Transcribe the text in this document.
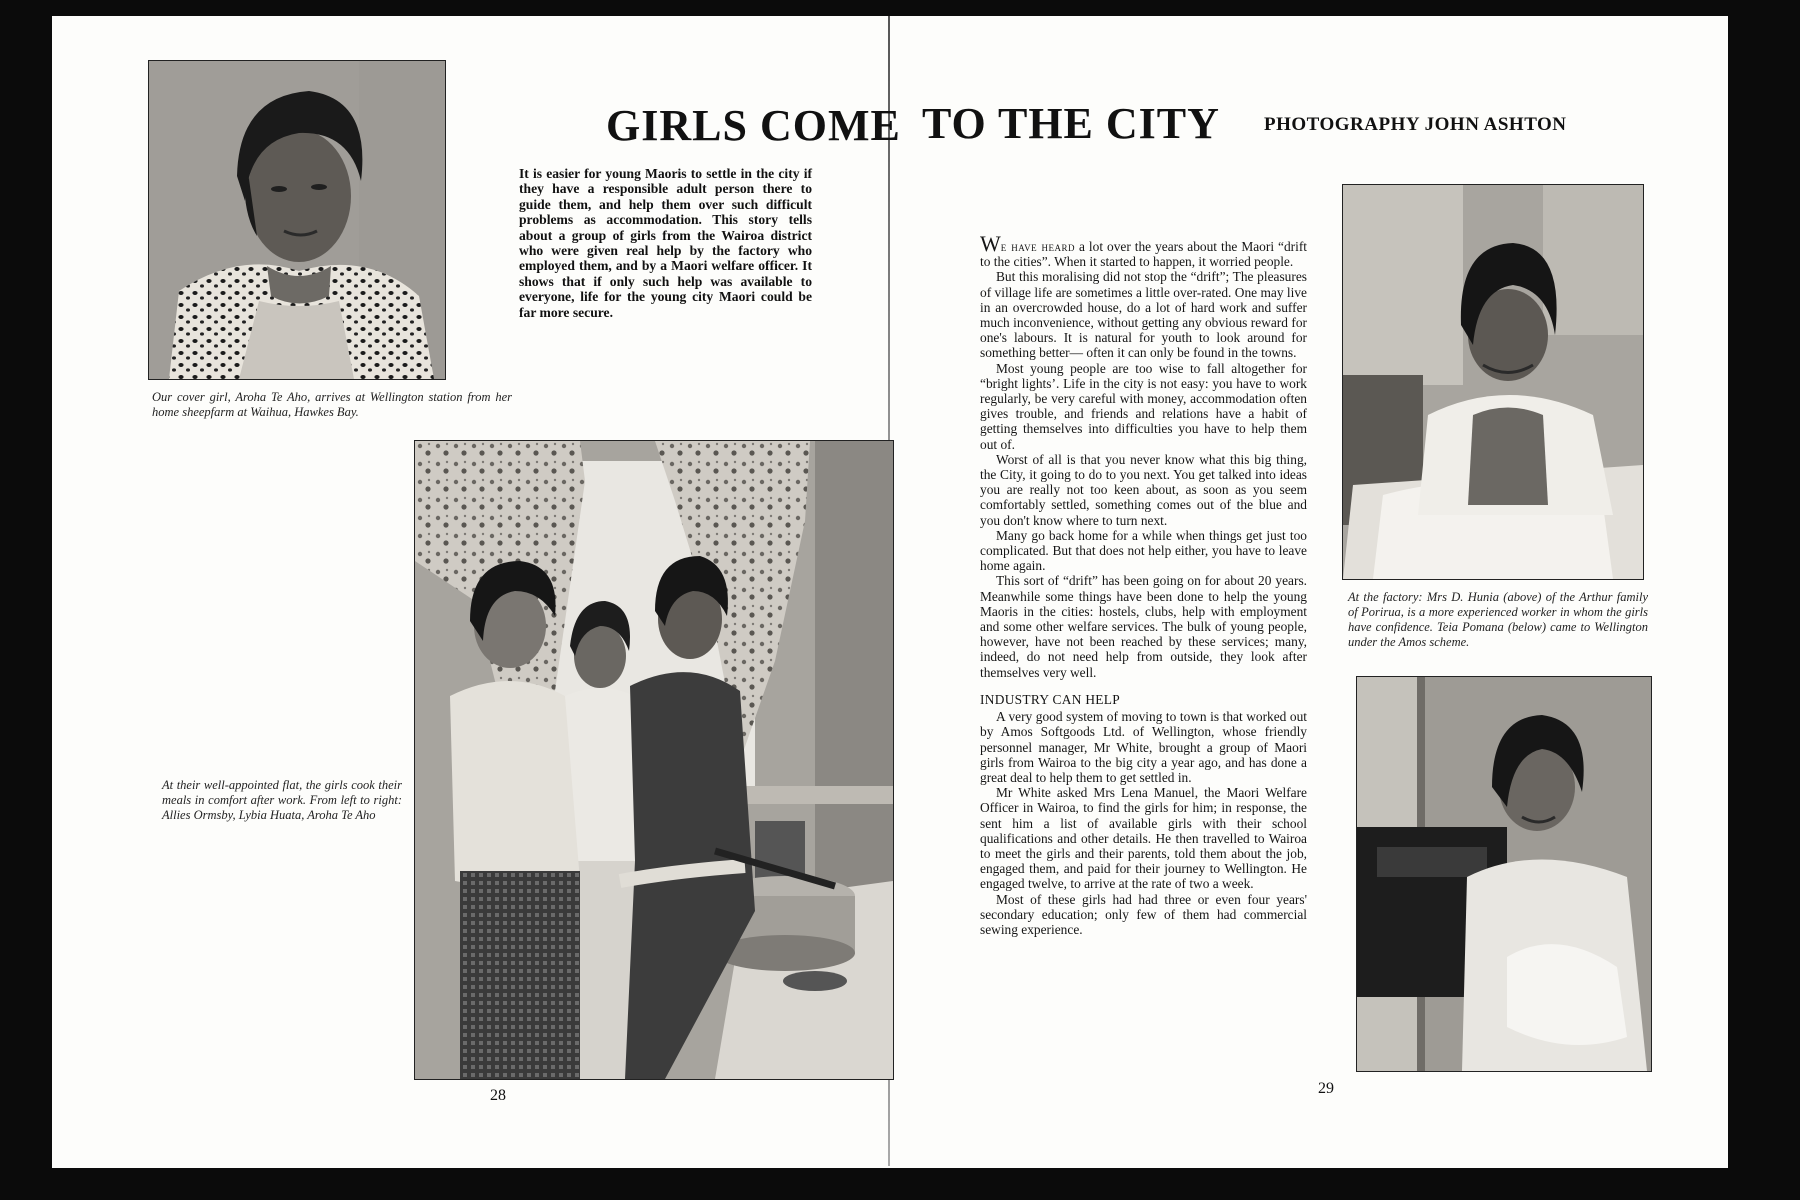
Our cover girl, Aroha Te Aho, arrives at Wellington station from her home sheepfarm at Waihua, Hawkes Bay.
GIRLS COME TO THE CITY PHOTOGRAPHY JOHN ASHTON
It is easier for young Maoris to settle in the city if they have a responsible adult person there to guide them, and help them over such difficult problems as accommodation. This story tells about a group of girls from the Wairoa district who were given real help by the factory who employed them, and by a Maori welfare officer. It shows that if only such help was available to everyone, life for the young city Maori could be far more secure.
At their well-appointed flat, the girls cook their meals in comfort after work. From left to right: Allies Ormsby, Lybia Huata, Aroha Te Aho

We have heard a lot over the years about the Maori “drift to the cities”. When it started to happen, it worried people.

But this moralising did not stop the “drift”; The pleasures of village life are sometimes a little over-rated. One may live in an overcrowded house, do a lot of hard work and suffer much inconvenience, without getting any obvious reward for one's labours. It is natural for youth to look around for something better— often it can only be found in the towns.

Most young people are too wise to fall altogether for “bright lights’. Life in the city is not easy: you have to work regularly, be very careful with money, accommodation often gives trouble, and friends and relations have a habit of getting themselves into difficulties you have to help them out of.

Worst of all is that you never know what this big thing, the City, it going to do to you next. You get talked into ideas you are really not too keen about, as soon as you seem comfortably settled, something comes out of the blue and you don't know where to turn next.

Many go back home for a while when things get just too complicated. But that does not help either, you have to leave home again.

This sort of “drift” has been going on for about 20 years. Meanwhile some things have been done to help the young Maoris in the cities: hostels, clubs, help with employment and some other welfare services. The bulk of young people, however, have not been reached by these services; many, indeed, do not need help from outside, they look after themselves very well.

INDUSTRY CAN HELP

A very good system of moving to town is that worked out by Amos Softgoods Ltd. of Wellington, whose friendly personnel manager, Mr White, brought a group of Maori girls from Wairoa to the big city a year ago, and has done a great deal to help them to get settled in.

Mr White asked Mrs Lena Manuel, the Maori Welfare Officer in Wairoa, to find the girls for him; in response, the sent him a list of available girls with their school qualifications and other details. He then travelled to Wairoa to meet the girls and their parents, told them about the job, engaged them, and paid for their journey to Wellington. He engaged twelve, to arrive at the rate of two a week.

Most of these girls had had three or even four years' secondary education; only few of them had commercial sewing experience.

At the factory: Mrs D. Hunia (above) of the Arthur family of Porirua, is a more experienced worker in whom the girls have confidence. Teia Pomana (below) came to Wellington under the Amos scheme.
28	29
